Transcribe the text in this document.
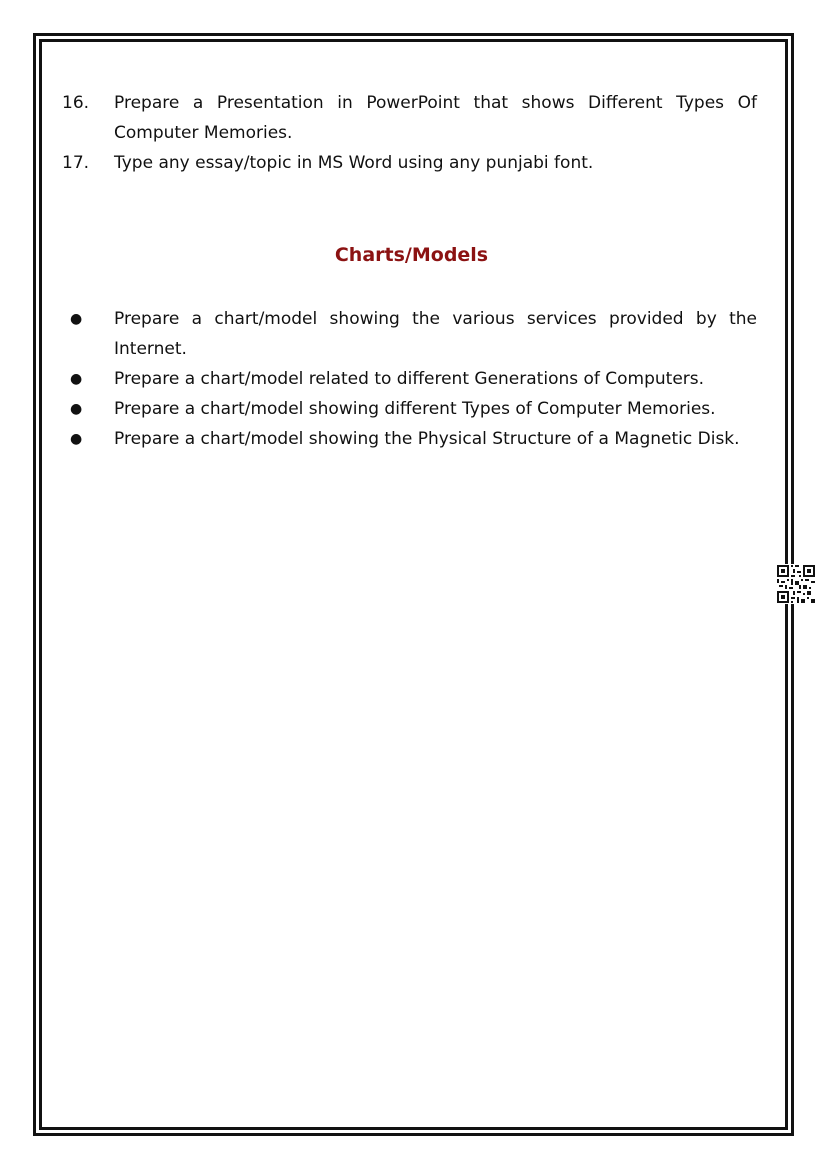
16.	Prepare a Presentation in PowerPoint that shows Different Types Of Computer Memories.
17.	Type any essay/topic in MS Word using any punjabi font.
Charts/Models
●	Prepare a chart/model showing the various services provided by the Internet.
●	Prepare a chart/model related to different Generations of Computers.
●	Prepare a chart/model showing different Types of Computer Memories.
●	Prepare a chart/model showing the Physical Structure of a Magnetic Disk.
